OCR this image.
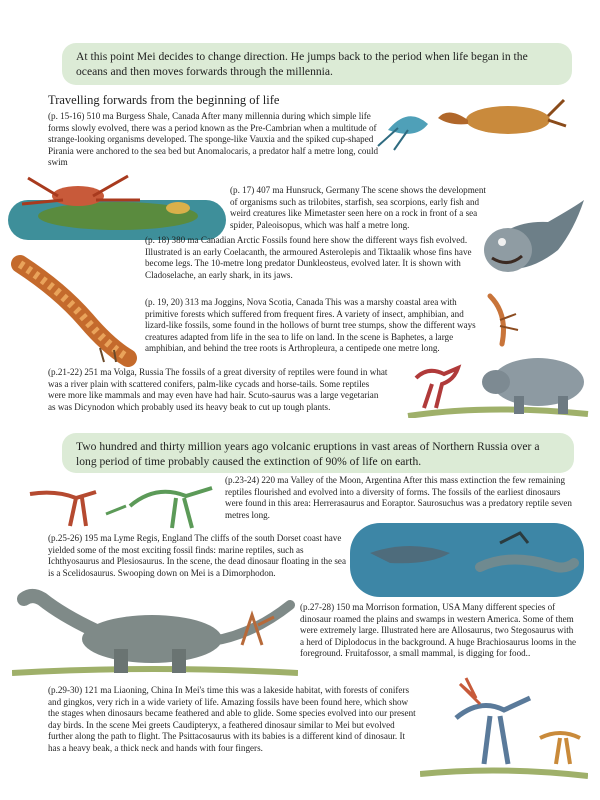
At this point Mei decides to change direction. He jumps back to the period when life began in the oceans and then moves forwards through the millennia.
Travelling forwards from the beginning of life
(p. 15-16) 510 ma Burgess Shale, Canada After many millennia during which simple life forms slowly evolved, there was a period known as the Pre-Cambrian when a multitude of strange-looking organisms developed. The sponge-like Vauxia and the spiked cup-shaped Pirania were anchored to the sea bed but Anomalocaris, a predator half a metre long, could swim
(p. 17) 407 ma Hunsruck, Germany The scene shows the development of organisms such as trilobites, starfish, sea scorpions, early fish and weird creatures like Mimetaster seen here on a rock in front of a sea spider, Paleoisopus, which was half a metre long.
(p. 18) 380 ma Canadian Arctic Fossils found here show the different ways fish evolved. Illustrated is an early Coelacanth, the armoured Asterolepis and Tiktaalik whose fins have become legs. The 10-metre long predator Dunkleosteus, evolved later. It is shown with Cladoselache, an early shark, in its jaws.
(p. 19, 20) 313 ma Joggins, Nova Scotia, Canada This was a marshy coastal area with primitive forests which suffered from frequent fires. A variety of insect, amphibian, and lizard-like fossils, some found in the hollows of burnt tree stumps, show the different ways creatures adapted from life in the sea to life on land. In the scene is Baphetes, a large amphibian, and behind the tree roots is Arthropleura, a centipede one metre long.
(p.21-22) 251 ma Volga, Russia The fossils of a great diversity of reptiles were found in what was a river plain with scattered conifers, palm-like cycads and horse-tails. Some reptiles were more like mammals and may even have had hair. Scuto-saurus was a large vegetarian as was Dicynodon which probably used its heavy beak to cut up tough plants.
Two hundred and thirty million years ago volcanic eruptions in vast areas of Northern Russia over a long period of time probably caused the extinction of 90% of life on earth.
(p.23-24) 220 ma Valley of the Moon, Argentina After this mass extinction the few remaining reptiles flourished and evolved into a diversity of forms. The fossils of the earliest dinosaurs were found in this area: Herrerasaurus and Eoraptor. Saurosuchus was a predatory reptile seven metres long.
(p.25-26) 195 ma Lyme Regis, England The cliffs of the south Dorset coast have yielded some of the most exciting fossil finds: marine reptiles, such as Ichthyosaurus and Plesiosaurus. In the scene, the dead dinosaur floating in the sea is a Scelidosaurus. Swooping down on Mei is a Dimorphodon.
(p.27-28) 150 ma Morrison formation, USA Many different species of dinosaur roamed the plains and swamps in western America. Some of them were extremely large. Illustrated here are Allosaurus, two Stegosaurus with a herd of Diplodocus in the background. A huge Brachiosaurus looms in the foreground. Fruitafossor, a small mammal, is digging for food..
(p.29-30) 121 ma Liaoning, China In Mei's time this was a lakeside habitat, with forests of conifers and gingkos, very rich in a wide variety of life. Amazing fossils have been found here, which show the stages when dinosaurs became feathered and able to glide. Some species evolved into our present day birds. In the scene Mei greets Caudipteryx, a feathered dinosaur similar to Mei but evolved further along the path to flight. The Psittacosaurus with its babies is a different kind of dinosaur. It has a heavy beak, a thick neck and hands with four fingers.
